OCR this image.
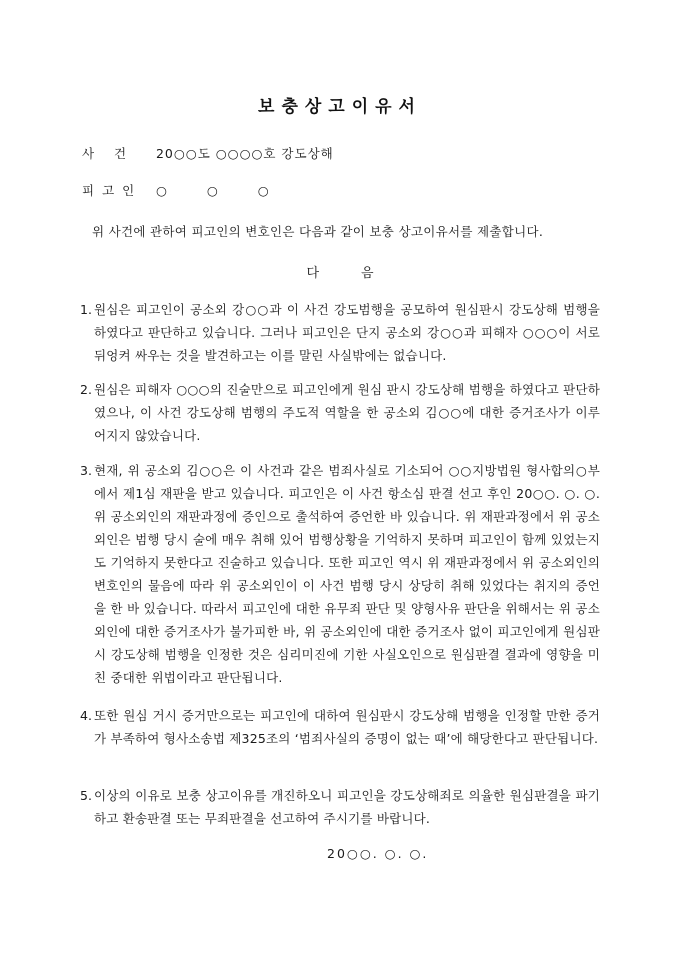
보충상고이유서
사 건 20○○도 ○○○○호 강도상해
피고인 ○ ○ ○
위 사건에 관하여 피고인의 변호인은 다음과 같이 보충 상고이유서를 제출합니다.
다음
1. 원심은 피고인이 공소외 강○○과 이 사건 강도범행을 공모하여 원심판시 강도상해 범행을 하였다고 판단하고 있습니다. 그러나 피고인은 단지 공소외 강○○과 피해자 ○○○이 서로 뒤엉켜 싸우는 것을 발견하고는 이를 말린 사실밖에는 없습니다.
2. 원심은 피해자 ○○○의 진술만으로 피고인에게 원심 판시 강도상해 범행을 하였다고 판단하였으나, 이 사건 강도상해 범행의 주도적 역할을 한 공소외 김○○에 대한 증거조사가 이루어지지 않았습니다.
3. 현재, 위 공소외 김○○은 이 사건과 같은 범죄사실로 기소되어 ○○지방법원 형사합의○부에서 제1심 재판을 받고 있습니다. 피고인은 이 사건 항소심 판결 선고 후인 20○○. ○. ○. 위 공소외인의 재판과정에 증인으로 출석하여 증언한 바 있습니다. 위 재판과정에서 위 공소외인은 범행 당시 술에 매우 취해 있어 범행상황을 기억하지 못하며 피고인이 함께 있었는지도 기억하지 못한다고 진술하고 있습니다. 또한 피고인 역시 위 재판과정에서 위 공소외인의 변호인의 물음에 따라 위 공소외인이 이 사건 범행 당시 상당히 취해 있었다는 취지의 증언을 한 바 있습니다. 따라서 피고인에 대한 유무죄 판단 및 양형사유 판단을 위해서는 위 공소외인에 대한 증거조사가 불가피한 바, 위 공소외인에 대한 증거조사 없이 피고인에게 원심판시 강도상해 범행을 인정한 것은 심리미진에 기한 사실오인으로 원심판결 결과에 영향을 미친 중대한 위법이라고 판단됩니다.
4. 또한 원심 거시 증거만으로는 피고인에 대하여 원심판시 강도상해 범행을 인정할 만한 증거가 부족하여 형사소송법 제325조의 ‘범죄사실의 증명이 없는 때’에 해당한다고 판단됩니다.
5. 이상의 이유로 보충 상고이유를 개진하오니 피고인을 강도상해죄로 의율한 원심판결을 파기하고 환송판결 또는 무죄판결을 선고하여 주시기를 바랍니다.
20○○. ○. ○.
